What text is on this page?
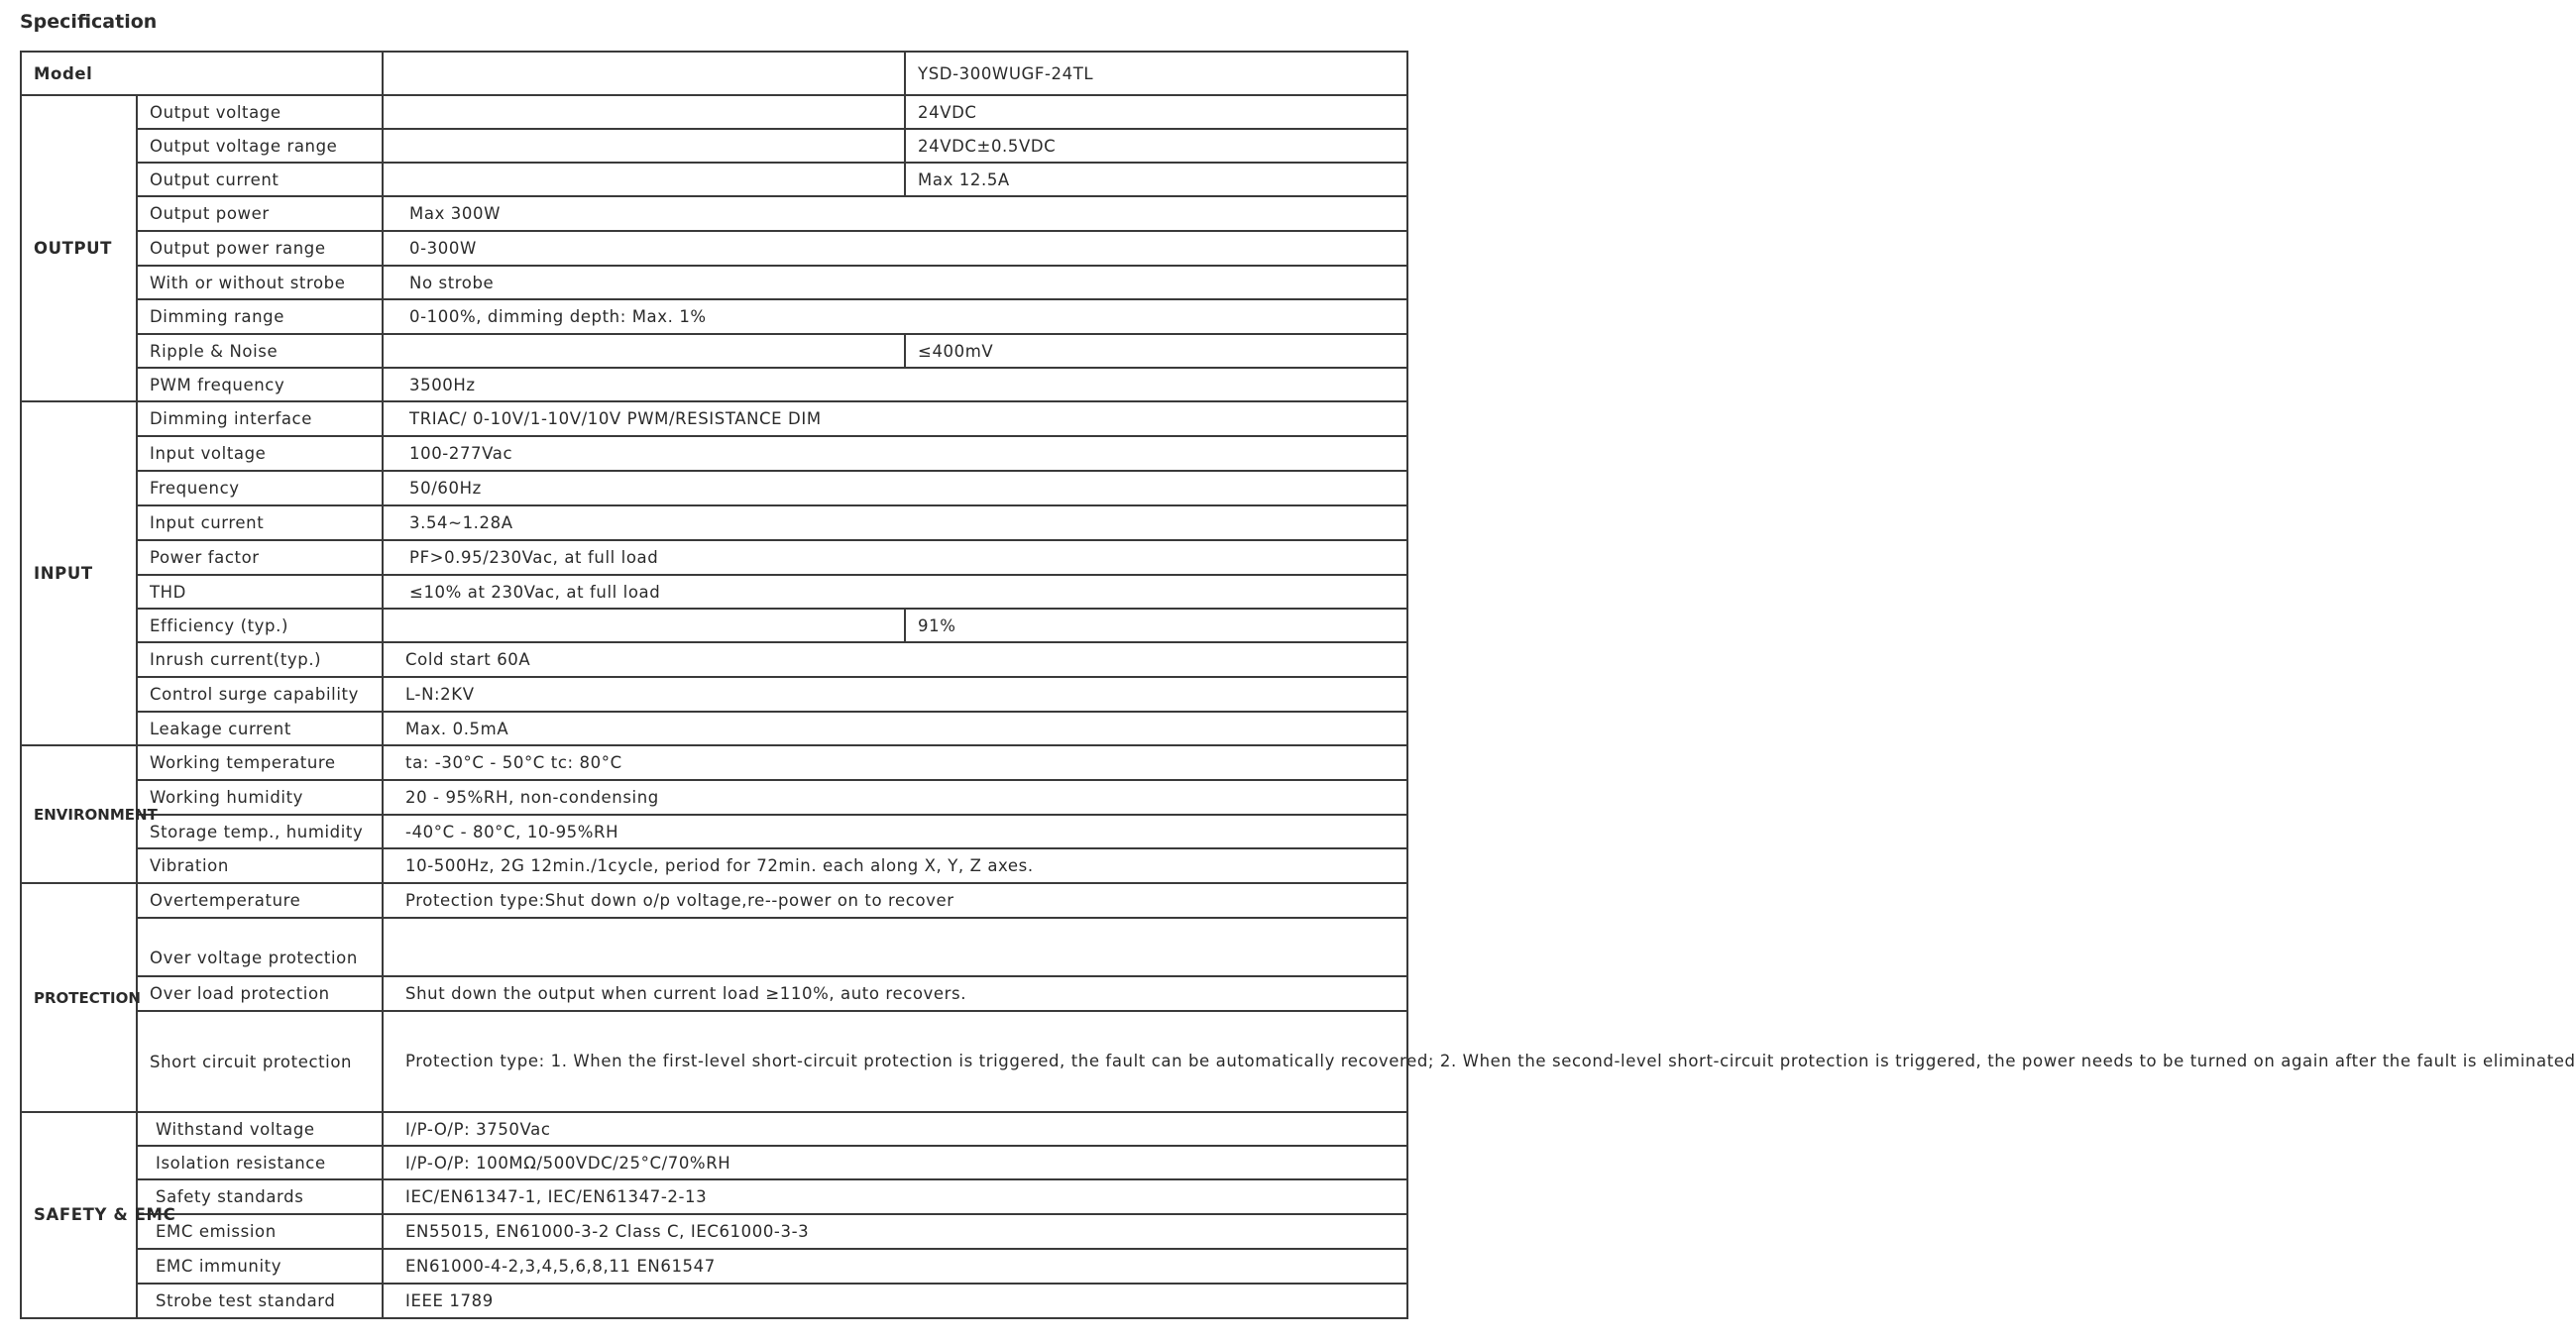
Specification
Model			YSD-300WUGF-24TL	
OUTPUT	Output voltage		24VDC	
	Output voltage range		24VDC±0.5VDC	
	Output current		Max 12.5A	
	Output power	Max 300W		
	Output power range	0-300W		
	With or without strobe	No strobe		
	Dimming range	0-100%, dimming depth: Max. 1%		
	Ripple & Noise		≤400mV	
	PWM frequency	3500Hz		
INPUT	Dimming interface	TRIAC/ 0-10V/1-10V/10V PWM/RESISTANCE DIM		
	Input voltage	100-277Vac		
	Frequency	50/60Hz		
	Input current	3.54~1.28A		
	Power factor	PF>0.95/230Vac, at full load		
	THD	≤10% at 230Vac, at full load		
	Efficiency (typ.)		91%	
	Inrush current(typ.)	Cold start 60A		
	Control surge capability	L-N:2KV		
	Leakage current	Max. 0.5mA		
ENVIRONMENT	Working temperature	ta: -30°C - 50°C tc: 80°C		
	Working humidity	20 - 95%RH, non-condensing		
	Storage temp., humidity	-40°C - 80°C, 10-95%RH		
	Vibration	10-500Hz, 2G 12min./1cycle, period for 72min. each along X, Y, Z axes.		
PROTECTION	Overtemperature	Protection type:Shut down o/p voltage,re--power on to recover		
	Over voltage protection		
	Over load protection	Shut down the output when current load ≥110%, auto recovers.		
	Short circuit protection	Protection type: 1. When the first-level short-circuit protection is triggered, the fault can be automatically recovered; 2. When the second-level short-circuit protection is triggered, the power needs to be turned on again after the fault is eliminated		
SAFETY & EMC	Withstand voltage	I/P-O/P: 3750Vac		
	Isolation resistance	I/P-O/P: 100MΩ/500VDC/25°C/70%RH		
	Safety standards	IEC/EN61347-1, IEC/EN61347-2-13		
	EMC emission	EN55015, EN61000-3-2 Class C, IEC61000-3-3		
	EMC immunity	EN61000-4-2,3,4,5,6,8,11 EN61547		
	Strobe test standard	IEEE 1789		
